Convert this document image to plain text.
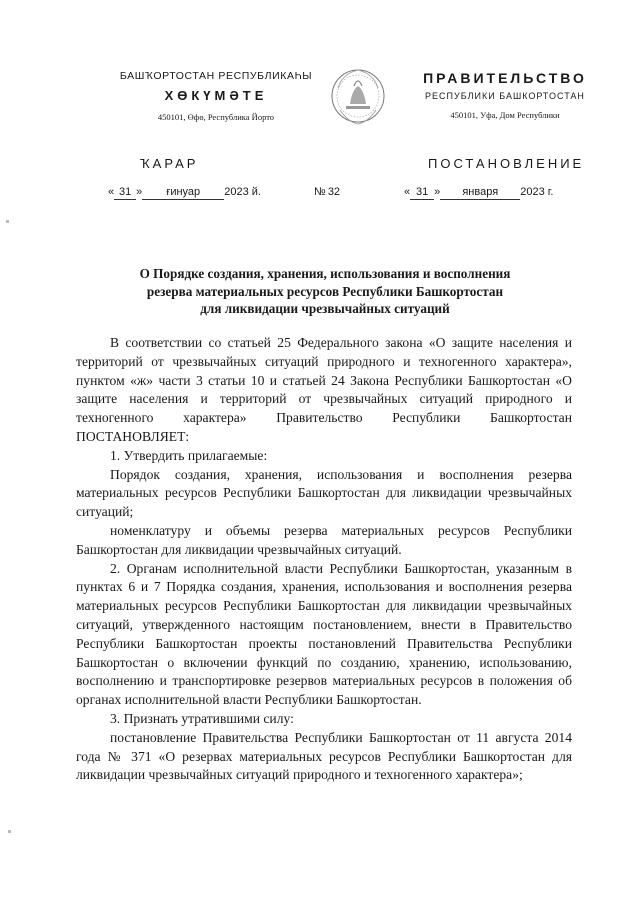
БАШҠОРТОСТАН РЕСПУБЛИКАҺЫ
ХӨКҮМӘТЕ
450101, Өфө, Республика Йорто
ПРАВИТЕЛЬСТВО
РЕСПУБЛИКИ БАШКОРТОСТАН
450101, Уфа, Дом Республики
ҠАРАР	ПОСТАНОВЛЕНИЕ
« 31 » ғинуар 2023 й.	№ 32	« 31 » января 2023 г.
О Порядке создания, хранения, использования и восполнения
резерва материальных ресурсов Республики Башкортостан
для ликвидации чрезвычайных ситуаций

В соответствии со статьей 25 Федерального закона «О защите населения и территорий от чрезвычайных ситуаций природного и техногенного характера», пунктом «ж» части 3 статьи 10 и статьей 24 Закона Республики Башкортостан «О защите населения и территорий от чрезвычайных ситуаций природного и техногенного характера» Правительство Республики Башкортостан ПОСТАНОВЛЯЕТ:

1. Утвердить прилагаемые:

Порядок создания, хранения, использования и восполнения резерва материальных ресурсов Республики Башкортостан для ликвидации чрезвычайных ситуаций;

номенклатуру и объемы резерва материальных ресурсов Республики Башкортостан для ликвидации чрезвычайных ситуаций.

2. Органам исполнительной власти Республики Башкортостан, указанным в пунктах 6 и 7 Порядка создания, хранения, использования и восполнения резерва материальных ресурсов Республики Башкортостан для ликвидации чрезвычайных ситуаций, утвержденного настоящим постановлением, внести в Правительство Республики Башкортостан проекты постановлений Правительства Республики Башкортостан о включении функций по созданию, хранению, использованию, восполнению и транспортировке резервов материальных ресурсов в положения об органах исполнительной власти Республики Башкортостан.

3. Признать утратившими силу:

постановление Правительства Республики Башкортостан от 11 августа 2014 года № 371 «О резервах материальных ресурсов Республики Башкортостан для ликвидации чрезвычайных ситуаций природного и техногенного характера»;
